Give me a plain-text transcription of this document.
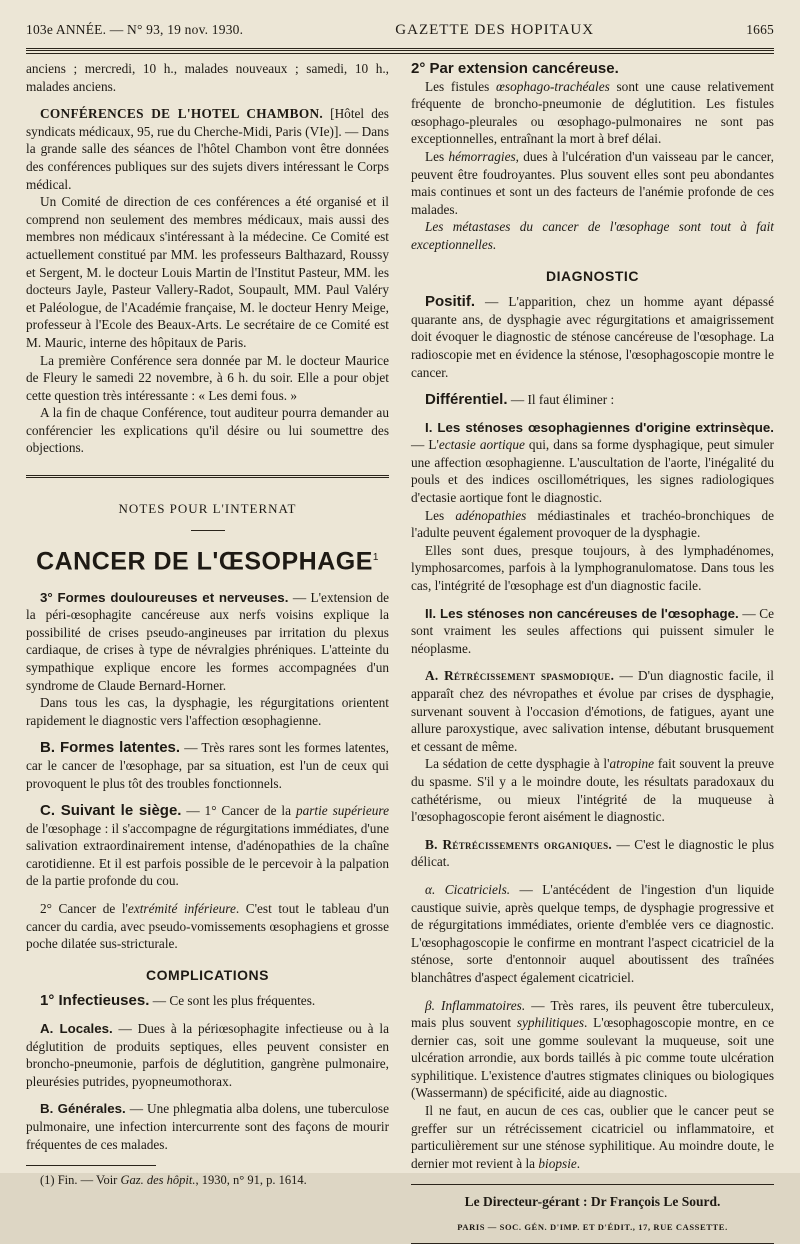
103e ANNÉE. — N° 93, 19 nov. 1930.	GAZETTE DES HOPITAUX	1665

anciens ; mercredi, 10 h., malades nouveaux ; samedi, 10 h., malades anciens.

CONFÉRENCES DE L'HOTEL CHAMBON. [Hôtel des syndicats médicaux, 95, rue du Cherche-Midi, Paris (VIe)]. — Dans la grande salle des séances de l'hôtel Chambon vont être données des conférences publiques sur des sujets divers intéressant le Corps médical.

Un Comité de direction de ces conférences a été organisé et il comprend non seulement des membres médicaux, mais aussi des membres non médicaux s'intéressant à la médecine. Ce Comité est actuellement constitué par MM. les professeurs Balthazard, Roussy et Sergent, M. le docteur Louis Martin de l'Institut Pasteur, MM. les docteurs Jayle, Pasteur Vallery-Radot, Soupault, MM. Paul Valéry et Paléologue, de l'Académie française, M. le docteur Henry Meige, professeur à l'Ecole des Beaux-Arts. Le secrétaire de ce Comité est M. Mauric, interne des hôpitaux de Paris.

La première Conférence sera donnée par M. le docteur Maurice de Fleury le samedi 22 novembre, à 6 h. du soir. Elle a pour objet cette question très intéressante : « Les demi fous. »

A la fin de chaque Conférence, tout auditeur pourra demander au conférencier les explications qu'il désire ou lui soumettre des objections.

NOTES POUR L'INTERNAT
CANCER DE L'ŒSOPHAGE$^1$

3° Formes douloureuses et nerveuses. — L'extension de la péri-œsophagite cancéreuse aux nerfs voisins explique la possibilité de crises pseudo-angineuses par irritation du plexus cardiaque, de crises à type de névralgies phréniques. L'atteinte du sympathique explique encore les formes accompagnées d'un syndrome de Claude Bernard-Horner.

Dans tous les cas, la dysphagie, les régurgitations orientent rapidement le diagnostic vers l'affection œsophagienne.

B. Formes latentes. — Très rares sont les formes latentes, car le cancer de l'œsophage, par sa situation, est l'un de ceux qui provoquent le plus tôt des troubles fonctionnels.

C. Suivant le siège. — 1° Cancer de la partie supérieure de l'œsophage : il s'accompagne de régurgitations immédiates, d'une salivation extraordinairement intense, d'adénopathies de la chaîne carotidienne. Et il est parfois possible de le percevoir à la palpation de la partie profonde du cou.

2° Cancer de l'extrémité inférieure. C'est tout le tableau d'un cancer du cardia, avec pseudo-vomissements œsophagiens et grosse poche dilatée sus-stricturale.

COMPLICATIONS

1° Infectieuses. — Ce sont les plus fréquentes.

A. Locales. — Dues à la périœsophagite infectieuse ou à la déglutition de produits septiques, elles peuvent consister en broncho-pneumonie, parfois de déglutition, gangrène pulmonaire, pleurésies putrides, pyopneumothorax.

B. Générales. — Une phlegmatia alba dolens, une tuberculose pulmonaire, une infection intercurrente sont des façons de mourir fréquentes de ces malades.

(1) Fin. — Voir Gaz. des hôpit., 1930, n° 91, p. 1614.

2° Par extension cancéreuse.

Les fistules œsophago-trachéales sont une cause relativement fréquente de broncho-pneumonie de déglutition. Les fistules œsophago-pleurales ou œsophago-pulmonaires ne sont pas exceptionnelles, entraînant la mort à bref délai.

Les hémorragies, dues à l'ulcération d'un vaisseau par le cancer, peuvent être foudroyantes. Plus souvent elles sont peu abondantes mais continues et sont un des facteurs de l'anémie profonde de ces malades.

Les métastases du cancer de l'œsophage sont tout à fait exceptionnelles.

DIAGNOSTIC

Positif. — L'apparition, chez un homme ayant dépassé quarante ans, de dysphagie avec régurgitations et amaigrissement doit évoquer le diagnostic de sténose cancéreuse de l'œsophage. La radioscopie met en évidence la sténose, l'œsophagoscopie montre le cancer.

Différentiel. — Il faut éliminer :

I. Les sténoses œsophagiennes d'origine extrinsèque. — L'ectasie aortique qui, dans sa forme dysphagique, peut simuler une affection œsophagienne. L'auscultation de l'aorte, l'inégalité du pouls et des indices oscillométriques, les signes radiologiques d'ectasie aortique font le diagnostic.

Les adénopathies médiastinales et trachéo-bronchiques de l'adulte peuvent également provoquer de la dysphagie.

Elles sont dues, presque toujours, à des lymphadénomes, lymphosarcomes, parfois à la lymphogranulomatose. Dans tous les cas, l'intégrité de l'œsophage est d'un diagnostic facile.

II. Les sténoses non cancéreuses de l'œsophage. — Ce sont vraiment les seules affections qui puissent simuler le néoplasme.

A. Rétrécissement spasmodique. — D'un diagnostic facile, il apparaît chez des névropathes et évolue par crises de dysphagie, survenant souvent à l'occasion d'émotions, de fatigues, ayant une allure paroxystique, avec salivation intense, débutant brusquement et cessant de même.

La sédation de cette dysphagie à l'atropine fait souvent la preuve du spasme. S'il y a le moindre doute, les résultats paradoxaux du cathétérisme, ou mieux l'intégrité de la muqueuse à l'œsophagoscopie feront aisément le diagnostic.

B. Rétrécissements organiques. — C'est le diagnostic le plus délicat.

α. Cicatriciels. — L'antécédent de l'ingestion d'un liquide caustique suivie, après quelque temps, de dysphagie progressive et de régurgitations immédiates, oriente d'emblée vers ce diagnostic. L'œsophagoscopie le confirme en montrant l'aspect cicatriciel de la sténose, sorte d'entonnoir auquel aboutissent des traînées blanchâtres d'aspect également cicatriciel.

β. Inflammatoires. — Très rares, ils peuvent être tuberculeux, mais plus souvent syphilitiques. L'œsophagoscopie montre, en ce dernier cas, soit une gomme soulevant la muqueuse, soit une ulcération arrondie, aux bords taillés à pic comme toute ulcération syphilitique. L'existence d'autres stigmates cliniques ou biologiques (Wassermann) de spécificité, aide au diagnostic.

Il ne faut, en aucun de ces cas, oublier que le cancer peut se greffer sur un rétrécissement cicatriciel ou inflammatoire, et particulièrement sur une sténose syphilitique. Au moindre doute, le dernier mot revient à la biopsie.

Le Directeur-gérant : Dr François Le Sourd.
PARIS — SOC. GÉN. D'IMP. ET D'ÉDIT., 17, RUE CASSETTE.
